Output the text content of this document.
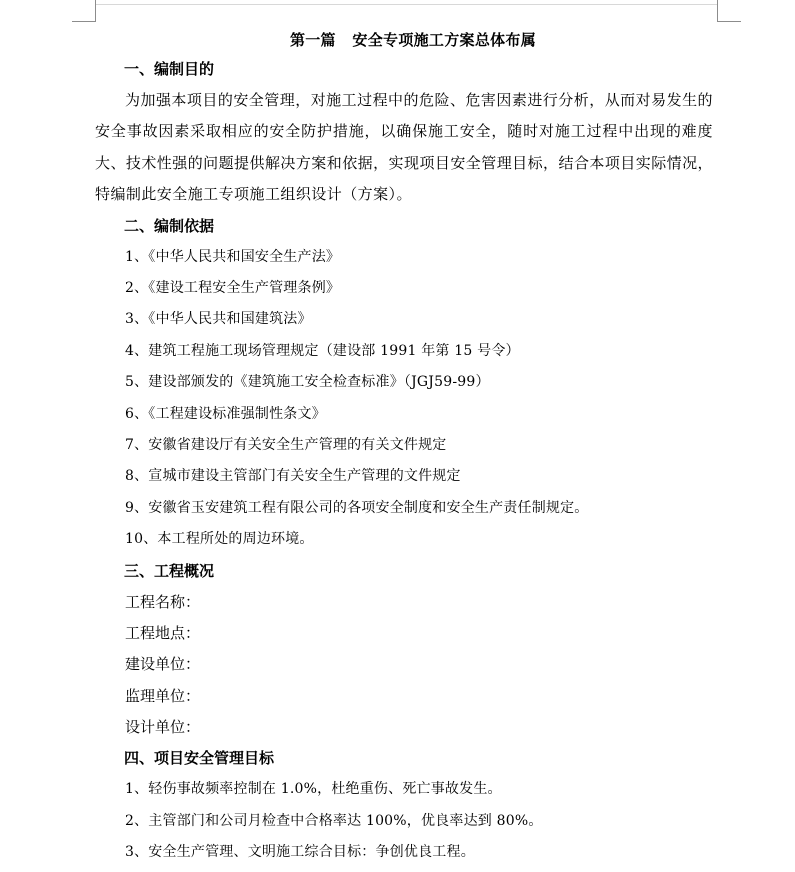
第一篇   安全专项施工方案总体布属
一、编制目的

为加强本项目的安全管理，对施工过程中的危险、危害因素进行分析，从而对易发生的安全事故因素采取相应的安全防护措施，以确保施工安全，随时对施工过程中出现的难度大、技术性强的问题提供解决方案和依据，实现项目安全管理目标，结合本项目实际情况，特编制此安全施工专项施工组织设计（方案）。

二、编制依据
1、《中华人民共和国安全生产法》
2、《建设工程安全生产管理条例》
3、《中华人民共和国建筑法》
4、建筑工程施工现场管理规定（建设部 1991 年第 15 号令）
5、建设部颁发的《建筑施工安全检查标准》（JGJ59-99）
6、《工程建设标准强制性条文》
7、安徽省建设厅有关安全生产管理的有关文件规定
8、宣城市建设主管部门有关安全生产管理的文件规定
9、安徽省玉安建筑工程有限公司的各项安全制度和安全生产责任制规定。
10、本工程所处的周边环境。
三、工程概况
工程名称：
工程地点：
建设单位：
监理单位：
设计单位：
四、项目安全管理目标
1、轻伤事故频率控制在 1.0%，杜绝重伤、死亡事故发生。
2、主管部门和公司月检查中合格率达 100%，优良率达到 80%。
3、安全生产管理、文明施工综合目标：争创优良工程。
